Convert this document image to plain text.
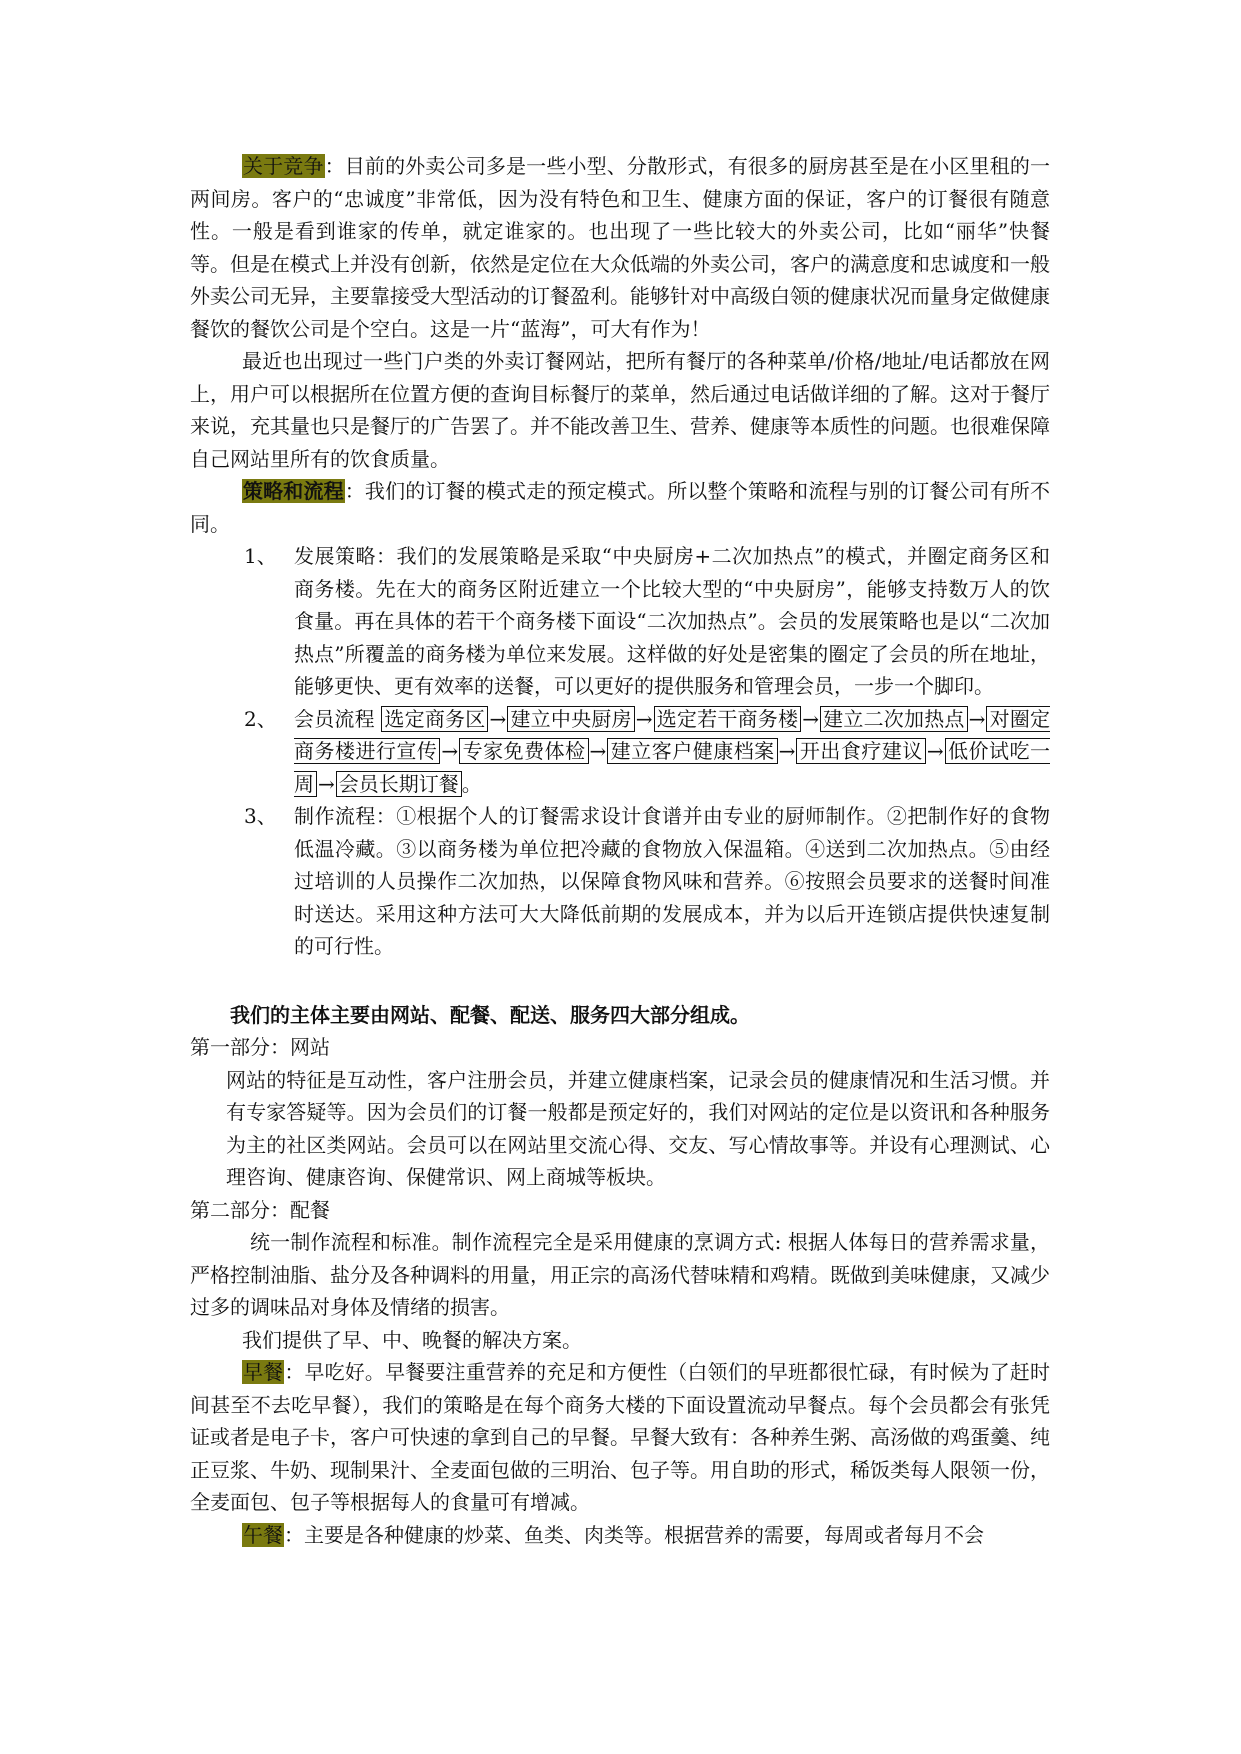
关于竞争：目前的外卖公司多是一些小型、分散形式，有很多的厨房甚至是在小区里租的一两间房。客户的“忠诚度”非常低，因为没有特色和卫生、健康方面的保证，客户的订餐很有随意性。一般是看到谁家的传单，就定谁家的。也出现了一些比较大的外卖公司，比如“丽华”快餐等。但是在模式上并没有创新，依然是定位在大众低端的外卖公司，客户的满意度和忠诚度和一般外卖公司无异，主要靠接受大型活动的订餐盈利。能够针对中高级白领的健康状况而量身定做健康餐饮的餐饮公司是个空白。这是一片“蓝海”，可大有作为！

最近也出现过一些门户类的外卖订餐网站，把所有餐厅的各种菜单/价格/地址/电话都放在网上，用户可以根据所在位置方便的查询目标餐厅的菜单，然后通过电话做详细的了解。这对于餐厅来说，充其量也只是餐厅的广告罢了。并不能改善卫生、营养、健康等本质性的问题。也很难保障自己网站里所有的饮食质量。

策略和流程：我们的订餐的模式走的预定模式。所以整个策略和流程与别的订餐公司有所不同。

1、 发展策略：我们的发展策略是采取“中央厨房+二次加热点”的模式，并圈定商务区和商务楼。先在大的商务区附近建立一个比较大型的“中央厨房”，能够支持数万人的饮食量。再在具体的若干个商务楼下面设“二次加热点”。会员的发展策略也是以“二次加热点”所覆盖的商务楼为单位来发展。这样做的好处是密集的圈定了会员的所在地址，能够更快、更有效率的送餐，可以更好的提供服务和管理会员，一步一个脚印。

2、 会员流程 选定商务区 → 建立中央厨房 → 选定若干商务楼 → 建立二次加热点 → 对圈定商务楼进行宣传 → 专家免费体检 → 建立客户健康档案 → 开出食疗建议 → 低价试吃一周 → 会员长期订餐 。

3、 制作流程：①根据个人的订餐需求设计食谱并由专业的厨师制作。②把制作好的食物低温冷藏。③以商务楼为单位把冷藏的食物放入保温箱。④送到二次加热点。⑤由经过培训的人员操作二次加热，以保障食物风味和营养。⑥按照会员要求的送餐时间准时送达。采用这种方法可大大降低前期的发展成本，并为以后开连锁店提供快速复制的可行性。

我们的主体主要由网站、配餐、配送、服务四大部分组成。

第一部分：网站

网站的特征是互动性，客户注册会员，并建立健康档案，记录会员的健康情况和生活习惯。并有专家答疑等。因为会员们的订餐一般都是预定好的，我们对网站的定位是以资讯和各种服务为主的社区类网站。会员可以在网站里交流心得、交友、写心情故事等。并设有心理测试、心理咨询、健康咨询、保健常识、网上商城等板块。

第二部分：配餐

统一制作流程和标准。制作流程完全是采用健康的烹调方式: 根据人体每日的营养需求量，严格控制油脂、盐分及各种调料的用量，用正宗的高汤代替味精和鸡精。既做到美味健康，又减少过多的调味品对身体及情绪的损害。

我们提供了早、中、晚餐的解决方案。

早餐：早吃好。早餐要注重营养的充足和方便性（白领们的早班都很忙碌，有时候为了赶时间甚至不去吃早餐），我们的策略是在每个商务大楼的下面设置流动早餐点。每个会员都会有张凭证或者是电子卡，客户可快速的拿到自己的早餐。早餐大致有：各种养生粥、高汤做的鸡蛋羹、纯正豆浆、牛奶、现制果汁、全麦面包做的三明治、包子等。用自助的形式，稀饭类每人限领一份，全麦面包、包子等根据每人的食量可有增减。

午餐：主要是各种健康的炒菜、鱼类、肉类等。根据营养的需要，每周或者每月不会
